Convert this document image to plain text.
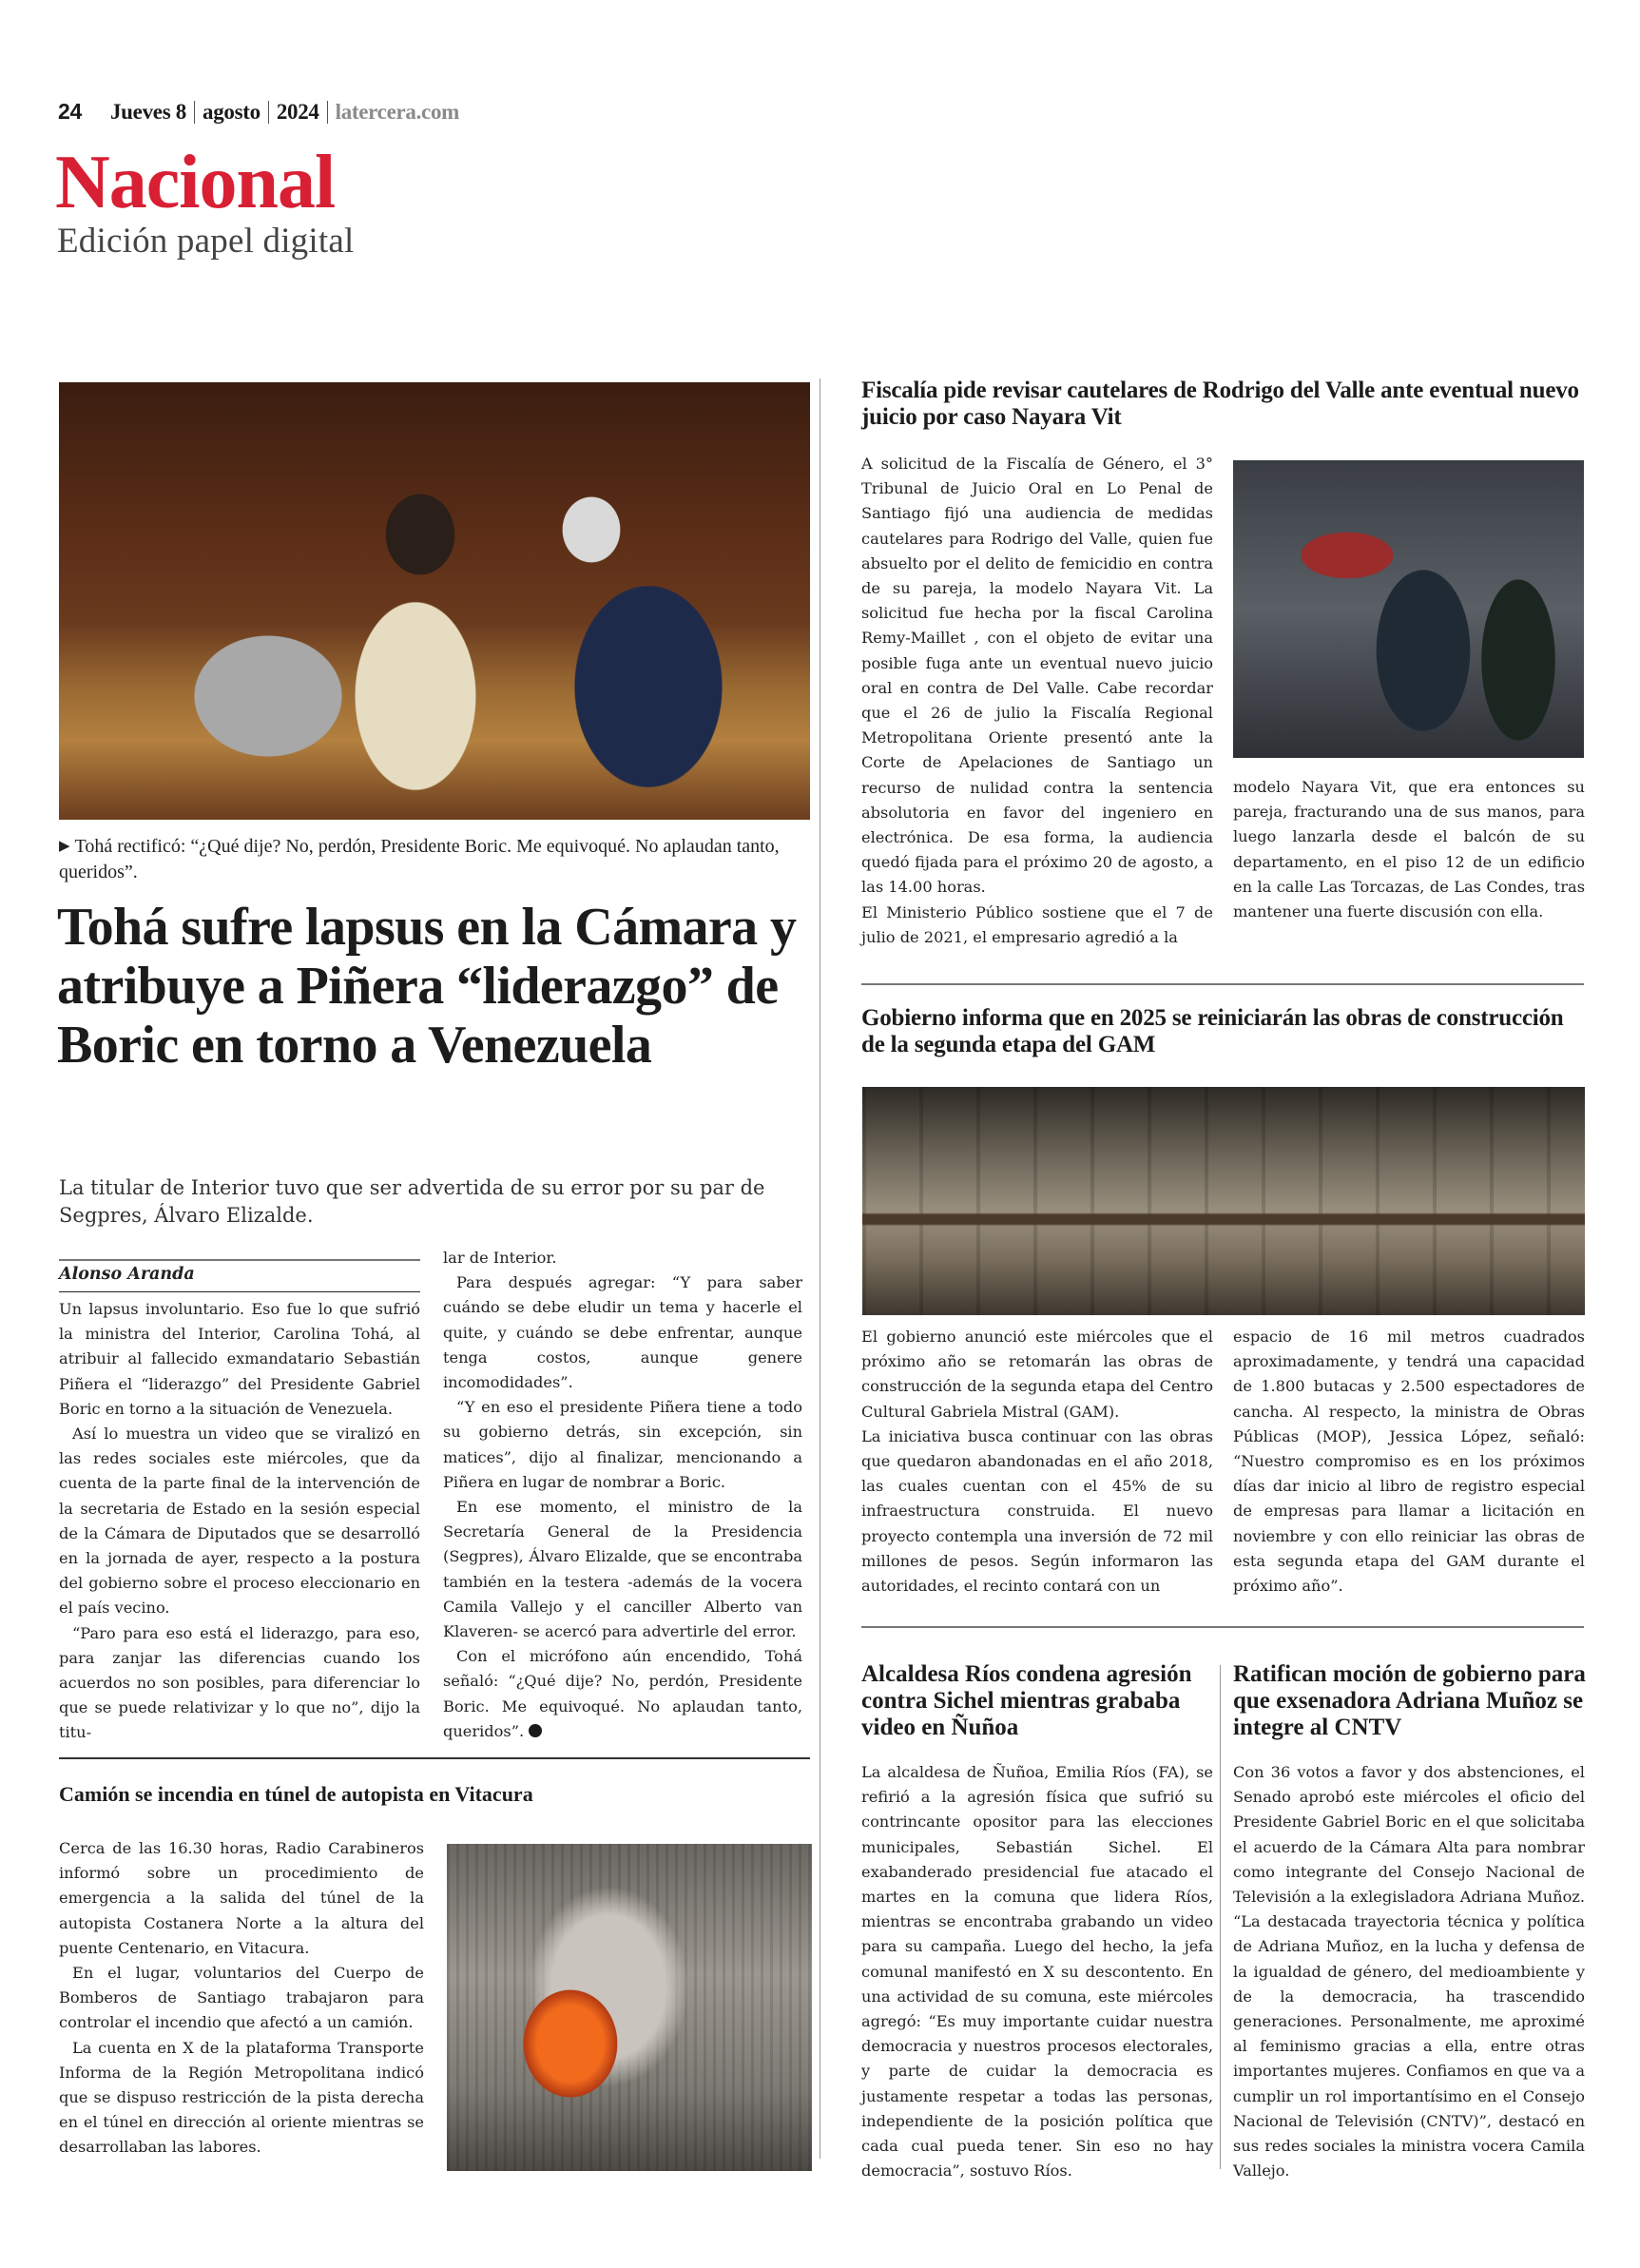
24 Jueves 8 agosto 2024 latercera.com
Nacional
Edición papel digital
▶ Tohá rectificó: “¿Qué dije? No, perdón, Presidente Boric. Me equivoqué. No aplaudan tanto, queridos”.
Tohá sufre lapsus en la Cámara y atribuye a Piñera “liderazgo” de Boric en torno a Venezuela
La titular de Interior tuvo que ser advertida de su error por su par de Segpres, Álvaro Elizalde.
Alonso Aranda

Un lapsus involuntario. Eso fue lo que sufrió la ministra del Interior, Carolina Tohá, al atribuir al fallecido exmandatario Sebastián Piñera el “liderazgo” del Presidente Gabriel Boric en torno a la situación de Venezuela.

Así lo muestra un video que se viralizó en las redes sociales este miércoles, que da cuenta de la parte final de la intervención de la secretaria de Estado en la sesión especial de la Cámara de Diputados que se desarrolló en la jornada de ayer, respecto a la postura del gobierno sobre el proceso eleccionario en el país vecino.

“Paro para eso está el liderazgo, para eso, para zanjar las diferencias cuando los acuerdos no son posibles, para diferenciar lo que se puede relativizar y lo que no”, dijo la titu-

lar de Interior.

Para después agregar: “Y para saber cuándo se debe eludir un tema y hacerle el quite, y cuándo se debe enfrentar, aunque tenga costos, aunque genere incomodidades”.

“Y en eso el presidente Piñera tiene a todo su gobierno detrás, sin excepción, sin matices”, dijo al finalizar, mencionando a Piñera en lugar de nombrar a Boric.

En ese momento, el ministro de la Secretaría General de la Presidencia (Segpres), Álvaro Elizalde, que se encontraba también en la testera -además de la vocera Camila Vallejo y el canciller Alberto van Klaveren- se acercó para advertirle del error.

Con el micrófono aún encendido, Tohá señaló: “¿Qué dije? No, perdón, Presidente Boric. Me equivoqué. No aplaudan tanto, queridos”.

Fiscalía pide revisar cautelares de Rodrigo del Valle ante eventual nuevo juicio por caso Nayara Vit

A solicitud de la Fiscalía de Género, el 3° Tribunal de Juicio Oral en Lo Penal de Santiago fijó una audiencia de medidas cautelares para Rodrigo del Valle, quien fue absuelto por el delito de femicidio en contra de su pareja, la modelo Nayara Vit. La solicitud fue hecha por la fiscal Carolina Remy-Maillet , con el objeto de evitar una posible fuga ante un eventual nuevo juicio oral en contra de Del Valle. Cabe recordar que el 26 de julio la Fiscalía Regional Metropolitana Oriente presentó ante la Corte de Apelaciones de Santiago un recurso de nulidad contra la sentencia absolutoria en favor del ingeniero en electrónica. De esa forma, la audiencia quedó fijada para el próximo 20 de agosto, a las 14.00 horas.

El Ministerio Público sostiene que el 7 de julio de 2021, el empresario agredió a la

modelo Nayara Vit, que era entonces su pareja, fracturando una de sus manos, para luego lanzarla desde el balcón de su departamento, en el piso 12 de un edificio en la calle Las Torcazas, de Las Condes, tras mantener una fuerte discusión con ella.

Gobierno informa que en 2025 se reiniciarán las obras de construcción de la segunda etapa del GAM

El gobierno anunció este miércoles que el próximo año se retomarán las obras de construcción de la segunda etapa del Centro Cultural Gabriela Mistral (GAM).

La iniciativa busca continuar con las obras que quedaron abandonadas en el año 2018, las cuales cuentan con el 45% de su infraestructura construida. El nuevo proyecto contempla una inversión de 72 mil millones de pesos. Según informaron las autoridades, el recinto contará con un

espacio de 16 mil metros cuadrados aproximadamente, y tendrá una capacidad de 1.800 butacas y 2.500 espectadores de cancha. Al respecto, la ministra de Obras Públicas (MOP), Jessica López, señaló: “Nuestro compromiso es en los próximos días dar inicio al libro de registro especial de empresas para llamar a licitación en noviembre y con ello reiniciar las obras de esta segunda etapa del GAM durante el próximo año”.

Camión se incendia en túnel de autopista en Vitacura

Cerca de las 16.30 horas, Radio Carabineros informó sobre un procedimiento de emergencia a la salida del túnel de la autopista Costanera Norte a la altura del puente Centenario, en Vitacura.

En el lugar, voluntarios del Cuerpo de Bomberos de Santiago trabajaron para controlar el incendio que afectó a un camión.

La cuenta en X de la plataforma Transporte Informa de la Región Metropolitana indicó que se dispuso restricción de la pista derecha en el túnel en dirección al oriente mientras se desarrollaban las labores.

Alcaldesa Ríos condena agresión contra Sichel mientras grababa video en Ñuñoa

La alcaldesa de Ñuñoa, Emilia Ríos (FA), se refirió a la agresión física que sufrió su contrincante opositor para las elecciones municipales, Sebastián Sichel. El exabanderado presidencial fue atacado el martes en la comuna que lidera Ríos, mientras se encontraba grabando un video para su campaña. Luego del hecho, la jefa comunal manifestó en X su descontento. En una actividad de su comuna, este miércoles agregó: “Es muy importante cuidar nuestra democracia y nuestros procesos electorales, y parte de cuidar la democracia es justamente respetar a todas las personas, independiente de la posición política que cada cual pueda tener. Sin eso no hay democracia”, sostuvo Ríos.

Ratifican moción de gobierno para que exsenadora Adriana Muñoz se integre al CNTV

Con 36 votos a favor y dos abstenciones, el Senado aprobó este miércoles el oficio del Presidente Gabriel Boric en el que solicitaba el acuerdo de la Cámara Alta para nombrar como integrante del Consejo Nacional de Televisión a la exlegisladora Adriana Muñoz. “La destacada trayectoria técnica y política de Adriana Muñoz, en la lucha y defensa de la igualdad de género, del medioambiente y de la democracia, ha trascendido generaciones. Personalmente, me aproximé al feminismo gracias a ella, entre otras importantes mujeres. Confiamos en que va a cumplir un rol importantísimo en el Consejo Nacional de Televisión (CNTV)”, destacó en sus redes sociales la ministra vocera Camila Vallejo.
